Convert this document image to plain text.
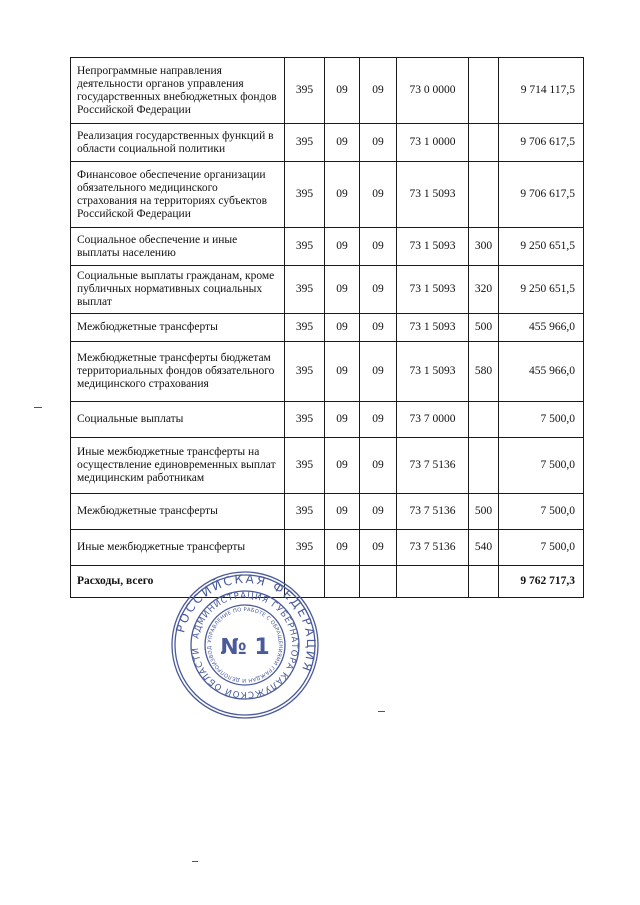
Непрограммные направления деятельности органов управления государственных внебюджетных фондов Российской Федерации	395	09	09	73 0 0000		9 714 117,5
Реализация государственных функций в области социальной политики	395	09	09	73 1 0000		9 706 617,5
Финансовое обеспечение организации обязательного медицинского страхования на территориях субъектов Российской Федерации	395	09	09	73 1 5093		9 706 617,5
Социальное обеспечение и иные выплаты населению	395	09	09	73 1 5093	300	9 250 651,5
Социальные выплаты гражданам, кроме публичных нормативных социальных выплат	395	09	09	73 1 5093	320	9 250 651,5
Межбюджетные трансферты	395	09	09	73 1 5093	500	455 966,0
Межбюджетные трансферты бюджетам территориальных фондов обязательного медицинского страхования	395	09	09	73 1 5093	580	455 966,0
Социальные выплаты	395	09	09	73 7 0000		7 500,0
Иные межбюджетные трансферты на осуществление единовременных выплат медицинским работникам	395	09	09	73 7 5136		7 500,0
Межбюджетные трансферты	395	09	09	73 7 5136	500	7 500,0
Иные межбюджетные трансферты	395	09	09	73 7 5136	540	7 500,0
Расходы, всего						9 762 717,3
РОССИЙСКАЯ ФЕДЕРАЦИЯ
АДМИНИСТРАЦИЯ ГУБЕРНАТОРА КАЛУЖСКОЙ ОБЛАСТИ
УПРАВЛЕНИЕ ПО РАБОТЕ С ОБРАЩЕНИЯМИ ГРАЖДАН И ДЕЛОПРОИЗВОД № 1
